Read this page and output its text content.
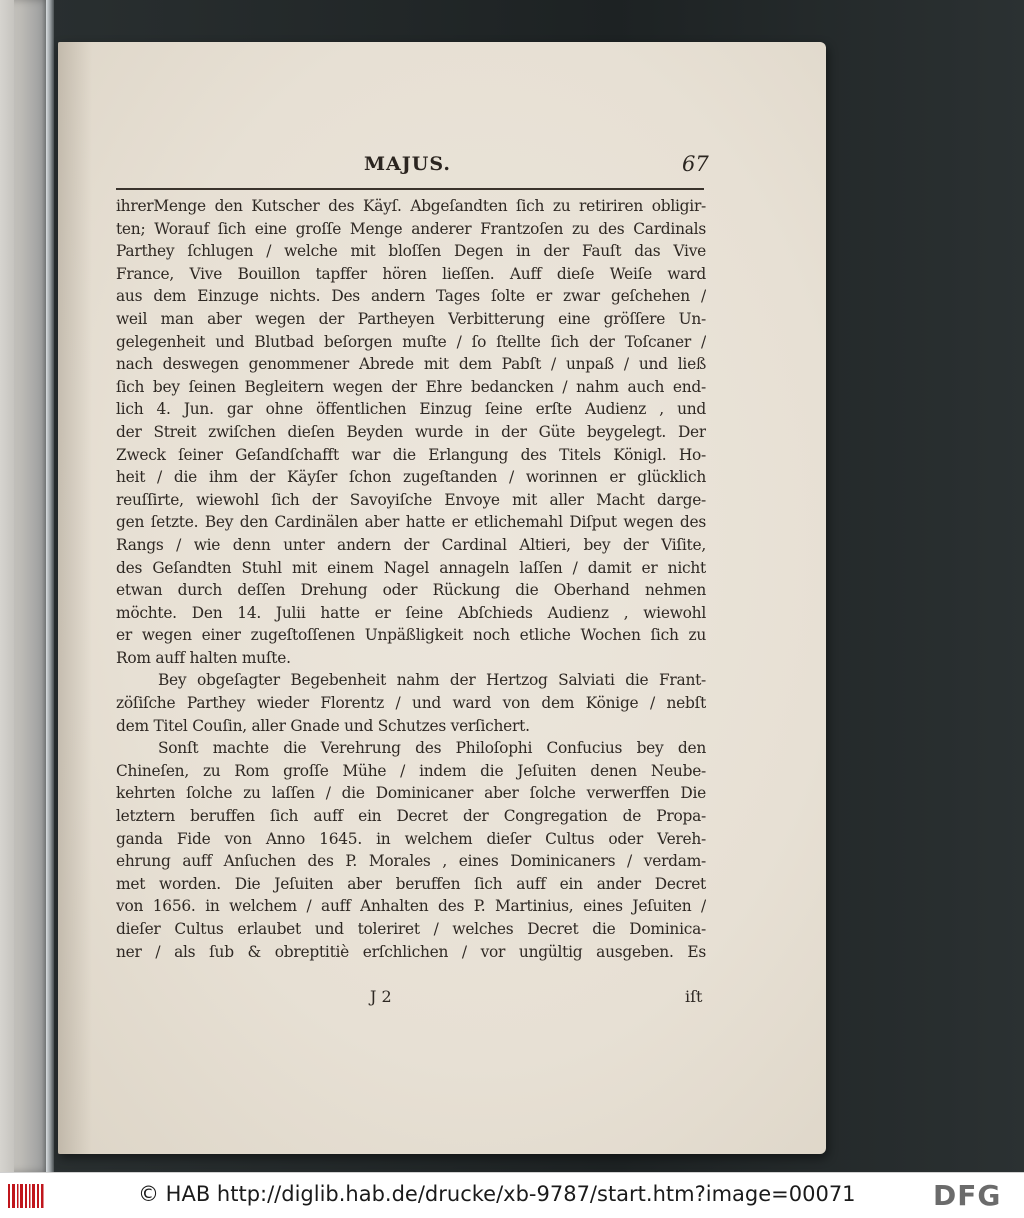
MAJUS.	67
ihrerMenge den Kutscher des Käyſ. Abgeſandten ſich zu retiriren obligir-
ten; Worauf ſich eine groſſe Menge anderer Frantzoſen zu des Cardinals
Parthey ſchlugen / welche mit bloſſen Degen in der Fauſt das Vive
France, Vive Bouillon tapffer hören lieſſen. Auff dieſe Weiſe ward
aus dem Einzuge nichts. Des andern Tages ſolte er zwar geſchehen /
weil man aber wegen der Partheyen Verbitterung eine gröſſere Un-
gelegenheit und Blutbad beſorgen muſte / ſo ſtellte ſich der Toſcaner /
nach deswegen genommener Abrede mit dem Pabſt / unpaß / und ließ
ſich bey ſeinen Begleitern wegen der Ehre bedancken / nahm auch end-
lich 4. Jun. gar ohne öffentlichen Einzug ſeine erſte Audienz , und
der Streit zwiſchen dieſen Beyden wurde in der Güte beygelegt. Der
Zweck ſeiner Geſandſchafft war die Erlangung des Titels Königl. Ho-
heit / die ihm der Käyſer ſchon zugeſtanden / worinnen er glücklich
reuſſirte, wiewohl ſich der Savoyiſche Envoye mit aller Macht darge-
gen ſetzte. Bey den Cardinälen aber hatte er etlichemahl Diſput wegen des
Rangs / wie denn unter andern der Cardinal Altieri, bey der Viſite,
des Geſandten Stuhl mit einem Nagel annageln laſſen / damit er nicht
etwan durch deſſen Drehung oder Rückung die Oberhand nehmen
möchte. Den 14. Julii hatte er ſeine Abſchieds Audienz , wiewohl
er wegen einer zugeſtoſſenen Unpäßligkeit noch etliche Wochen ſich zu
Rom auff halten muſte.
Bey obgeſagter Begebenheit nahm der Hertzog Salviati die Frant-
zöſiſche Parthey wieder Florentz / und ward von dem Könige / nebſt
dem Titel Couſin, aller Gnade und Schutzes verſichert.
Sonſt machte die Verehrung des Philoſophi Confucius bey den
Chineſen, zu Rom groſſe Mühe / indem die Jeſuiten denen Neube-
kehrten ſolche zu laſſen / die Dominicaner aber ſolche verwerffen Die
letztern beruffen ſich auff ein Decret der Congregation de Propa-
ganda Fide von Anno 1645. in welchem dieſer Cultus oder Vereh-
ehrung auff Anſuchen des P. Morales , eines Dominicaners / verdam-
met worden. Die Jeſuiten aber beruffen ſich auff ein ander Decret
von 1656. in welchem / auff Anhalten des P. Martinius, eines Jeſuiten /
dieſer Cultus erlaubet und toleriret / welches Decret die Dominica-
ner / als ſub & obreptitiè erſchlichen / vor ungültig ausgeben. Es
J 2	iſt
© HAB http://diglib.hab.de/drucke/xb-9787/start.htm?image=00071	DFG
